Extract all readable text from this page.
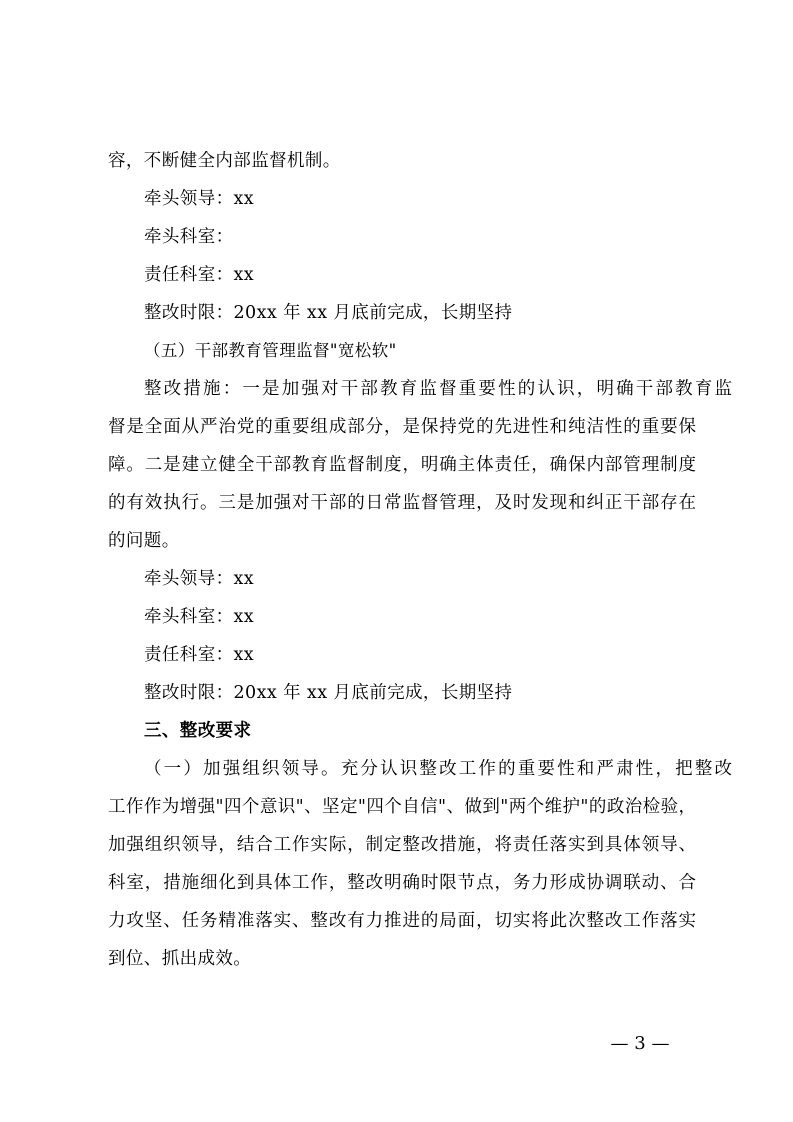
容，不断健全内部监督机制。
牵头领导：xx
牵头科室：
责任科室：xx
整改时限：20xx 年 xx 月底前完成，长期坚持
（五）干部教育管理监督"宽松软"
整改措施：一是加强对干部教育监督重要性的认识，明确干部教育监
督是全面从严治党的重要组成部分，是保持党的先进性和纯洁性的重要保
障。二是建立健全干部教育监督制度，明确主体责任，确保内部管理制度
的有效执行。三是加强对干部的日常监督管理，及时发现和纠正干部存在
的问题。
牵头领导：xx
牵头科室：xx
责任科室：xx
整改时限：20xx 年 xx 月底前完成，长期坚持
三、整改要求
（一）加强组织领导。充分认识整改工作的重要性和严肃性，把整改
工作作为增强"四个意识"、坚定"四个自信"、做到"两个维护"的政治检验，
加强组织领导，结合工作实际，制定整改措施，将责任落实到具体领导、
科室，措施细化到具体工作，整改明确时限节点，务力形成协调联动、合
力攻坚、任务精准落实、整改有力推进的局面，切实将此次整改工作落实
到位、抓出成效。
— 3 —
